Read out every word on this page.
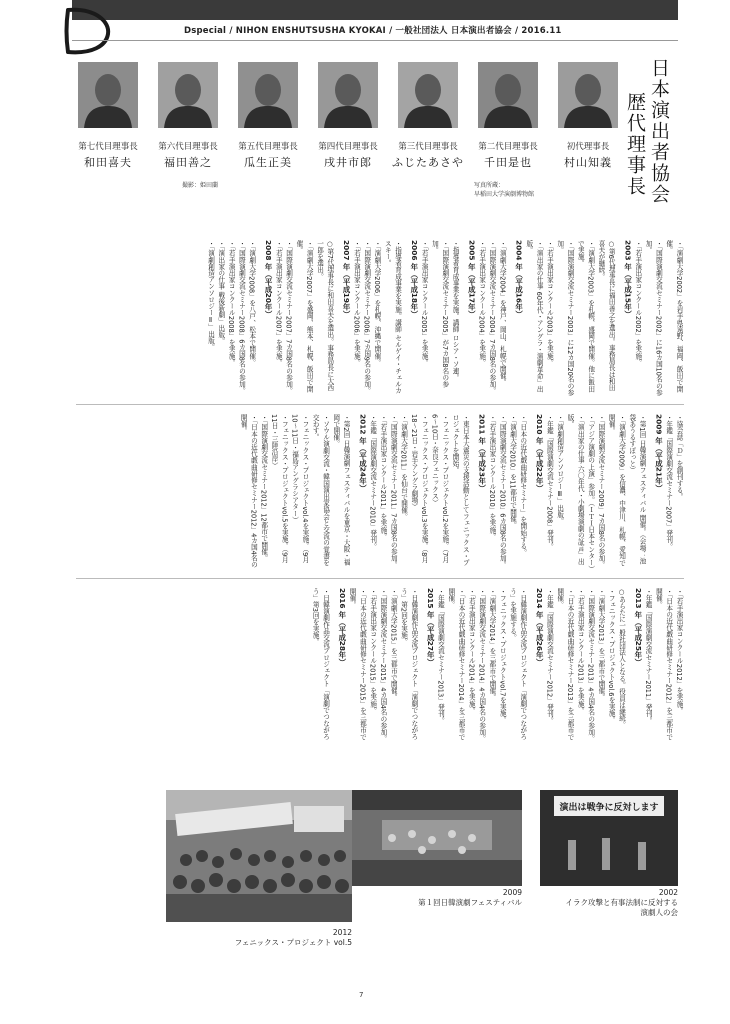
Dspecial / NIHON ENSHUTSUSHA KYOKAI / 一般社団法人 日本演出者協会 / 2016.11
第七代目理事長
和田喜夫
第六代目理事長
福田善之
第五代目理事長
瓜生正美
第四代目理事長
戌井市郎
第三代目理事長
ふじたあさや
第二代目理事長
千田是也
初代理事長
村山知義
撮影：姫田蘭	写真所蔵：
早稲田大学演劇博物館	日本演出者協会
歴代理事長

・「演劇大学2002」を岩手県遠野、福岡、飯田で開催。

・「国際演劇交流セミナー2002」に16カ国10名の参加。

・「若手演出家コンクール2002」を実施。

2003 年（平成15年）

○第6代理事長に福田善之を選出。事務局長は和田喜夫が継続。

・「演劇大学2003」を札幌、盛岡で開催。他に飯田で実施。

・「国際演劇交流セミナー2003」に12カ国20名の参加。

・「若手演出家コンクール2003」を実施。

・「演出家の仕事 60年代・アングラ・演劇革命」出版。

2004 年（平成16年）

・「演劇大学2004」を神戸、岡山、札幌で開催。

・「国際演劇交流セミナー2004」7カ国8名の参加。

・「若手演出家コンクール2004」を実施。

2005 年（平成17年）

・指導者育成事業を実施。講師 ロシア・ソ連。

・「国際演劇交流セミナー2005」が7カ国8名の参加。

・「若手演出家コンクール2005」を実施。

2006 年（平成18年）

・指導者育成事業を実施。講師 セルゲイ・チェルカスキー。

・「演劇大学2006」を札幌、沖縄で開催。

・「国際演劇交流セミナー2006」7カ国9名の参加。

・「若手演出家コンクール2006」を実施。

2007 年（平成19年）

○第7代理事長に和田喜夫を選出。事務局長に大西一郎を選出。

・「演劇大学2007」を盛岡、熊本、札幌、飯田で開催。

・「国際演劇交流セミナー2007」7カ国8名の参加。

・「若手演出家コンクール2007」を実施。

2008 年（平成20年）

・「演劇大学2008」を八戸、松本で開催。

・「国際演劇交流セミナー2008」6カ国8名の参加。

・「若手演出家コンクール2008」を実施。

・「演出家の仕事 戦後新劇」出版。

・「演劇創造アンソロジーⅡ」出版。

・協会誌「Ｄ」を創刊する。

・年鑑「国際演劇交流セミナー2007」発刊。

2009 年（平成21年）

・第1回 日韓演劇フェスティバル 開催。（会場：池袋あうるすぽっと）

・「演劇大学2009」を信濃、中津川、札幌、愛知で開催。

・「国際演劇交流セミナー2009」7カ国8名の参加。

・「アジア演劇の上演」参加。（ＩＴＩ日本センター）

・「演出家の仕事 六〇年代・小劇場演劇の証言」出版。

・「演劇創造アンソロジーⅢ」出版。

・年鑑「国際演劇交流セミナー2008」発刊。

2010 年（平成22年）

・「日本の近代戯曲研修セミナー」を開始する。

・「演劇大学2010」を11都市で開催。

・「国際演劇交流セミナー2010」6カ国8名の参加。

・「若手演出家コンクール2010」を実施。

2011 年（平成23年）

・東日本大震災の支援活動としてフェニックス・プロジェクトを開始。

・フェニックス・プロジェクトvol.2を実施。（7月6〜10日・奈良フェニックス）

・フェニックス・プロジェクトvol.3を実施。（8月18〜21日・岩手アングラ劇場）

・「演劇大学2011」を仙台で開催。

・「国際演劇交流セミナー2011」7カ国8名の参加。

・「若手演出家コンクール2011」を実施。

・年鑑「国際演劇交流セミナー2010」発刊。

2012 年（平成24年）

・第2回 日韓演劇フェスティバルを東京・大阪・福岡で開催。

・ソウル演劇交流・韓国演出家協会と交流の覚書を交わす。

・フェニックス・プロジェクトvol.4を実施。（9月10〜11日・福島アングラシアター）

・フェニックス・プロジェクトvol.5を実施。（9月11日・三陸沿岸）

・「国際演劇交流セミナー2012」12都市で開催。

・「日本の近代戯曲研修セミナー2012」4カ国4名の開催。

・「若手演出家コンクール2012」を実施。

・「日本の近代戯曲研修セミナー2012」を三都市で開催。

・年鑑「国際演劇交流セミナー2011」発刊。

2013 年（平成25年）

○あらたに一般社団法人となる。役員は継続。

・フェニックス・プロジェクトvol.6を実施。

・「演劇大学2013」を三都市で開催。

・「国際演劇交流セミナー2013」4カ国4名の参加。

・「若手演出家コンクール2013」を実施。

・「日本の近代戯曲研修セミナー2013」を三都市で開催。

・年鑑「国際演劇交流セミナー2012」発刊。

2014 年（平成26年）

・日韓演劇作品交流プロジェクト「演劇でつながろう」を実施する。

・フェニックス・プロジェクトvol.7を実施。

・「演劇大学2014」を三都市で開催。

・「国際演劇交流セミナー2014」4カ国4名の参加。

・「若手演出家コンクール2014」を実施。

・「日本の近代戯曲研修セミナー2014」を三都市で開催。

・年鑑「国際演劇交流セミナー2013」発刊。

2015 年（平成27年）

・日韓演劇作品交流プロジェクト「演劇でつながろう」第2回を実施。

・「演劇大学2015」を三都市で開催。

・「国際演劇交流セミナー2015」4カ国4名の参加。

・「若手演出家コンクール2015」を実施。

・「日本の近代戯曲研修セミナー2015」を三都市で開催。

2016 年（平成28年）

・日韓演劇作品交流プロジェクト「演劇でつながろう」第3回を実施。

2012
フェニックス・プロジェクト vol.5
2009
第１回日韓演劇フェスティバル
演出は戦争に反対します
2002
イラク攻撃と有事法制に反対する
演劇人の会
7
